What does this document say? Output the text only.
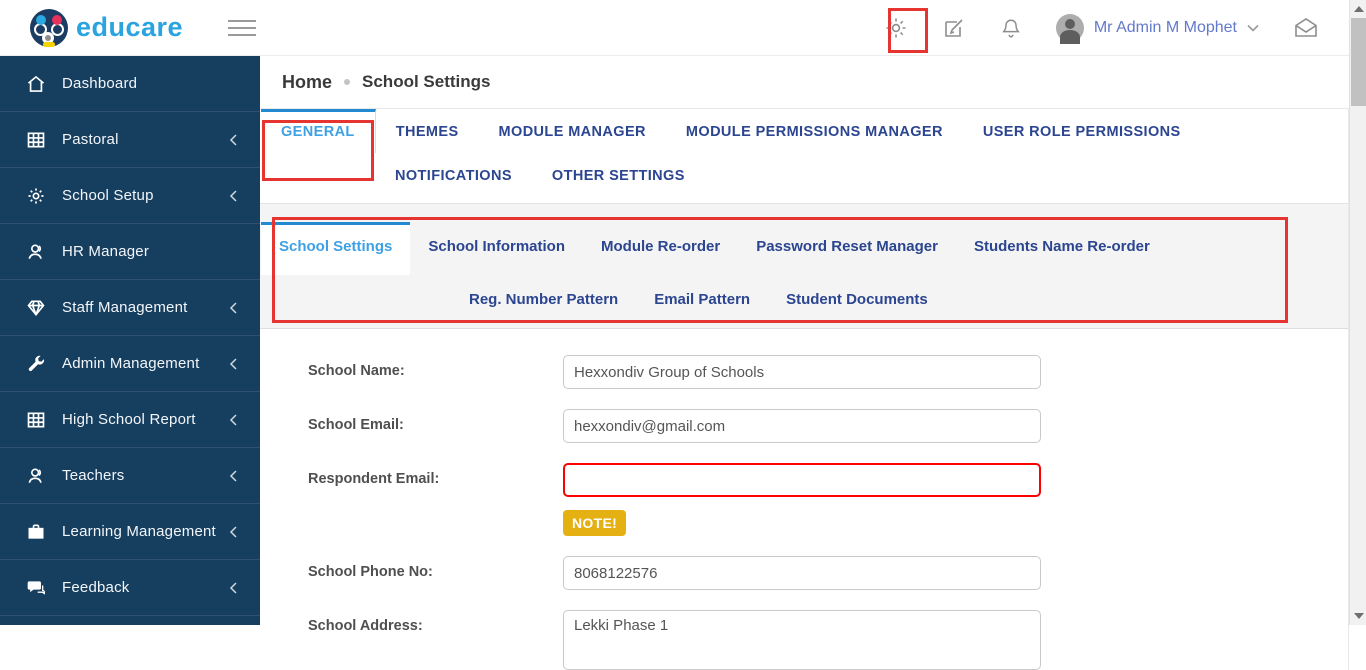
educare	Mr Admin M Mophet
Dashboard
Pastoral
School Setup
HR Manager
Staff Management
Admin Management
High School Report
Teachers
Learning Management
Feedback
Home School Settings
GENERAL	THEMES	MODULE MANAGER	MODULE PERMISSIONS MANAGER	USER ROLE PERMISSIONS
NOTIFICATIONS	OTHER SETTINGS
School Settings	School Information	Module Re-order	Password Reset Manager	Students Name Re-order
Reg. Number Pattern	Email Pattern	Student Documents
School Name:
Hexxondiv Group of Schools
School Email:
hexxondiv@gmail.com
Respondent Email:
NOTE!
School Phone No:
8068122576
School Address:
Lekki Phase 1
